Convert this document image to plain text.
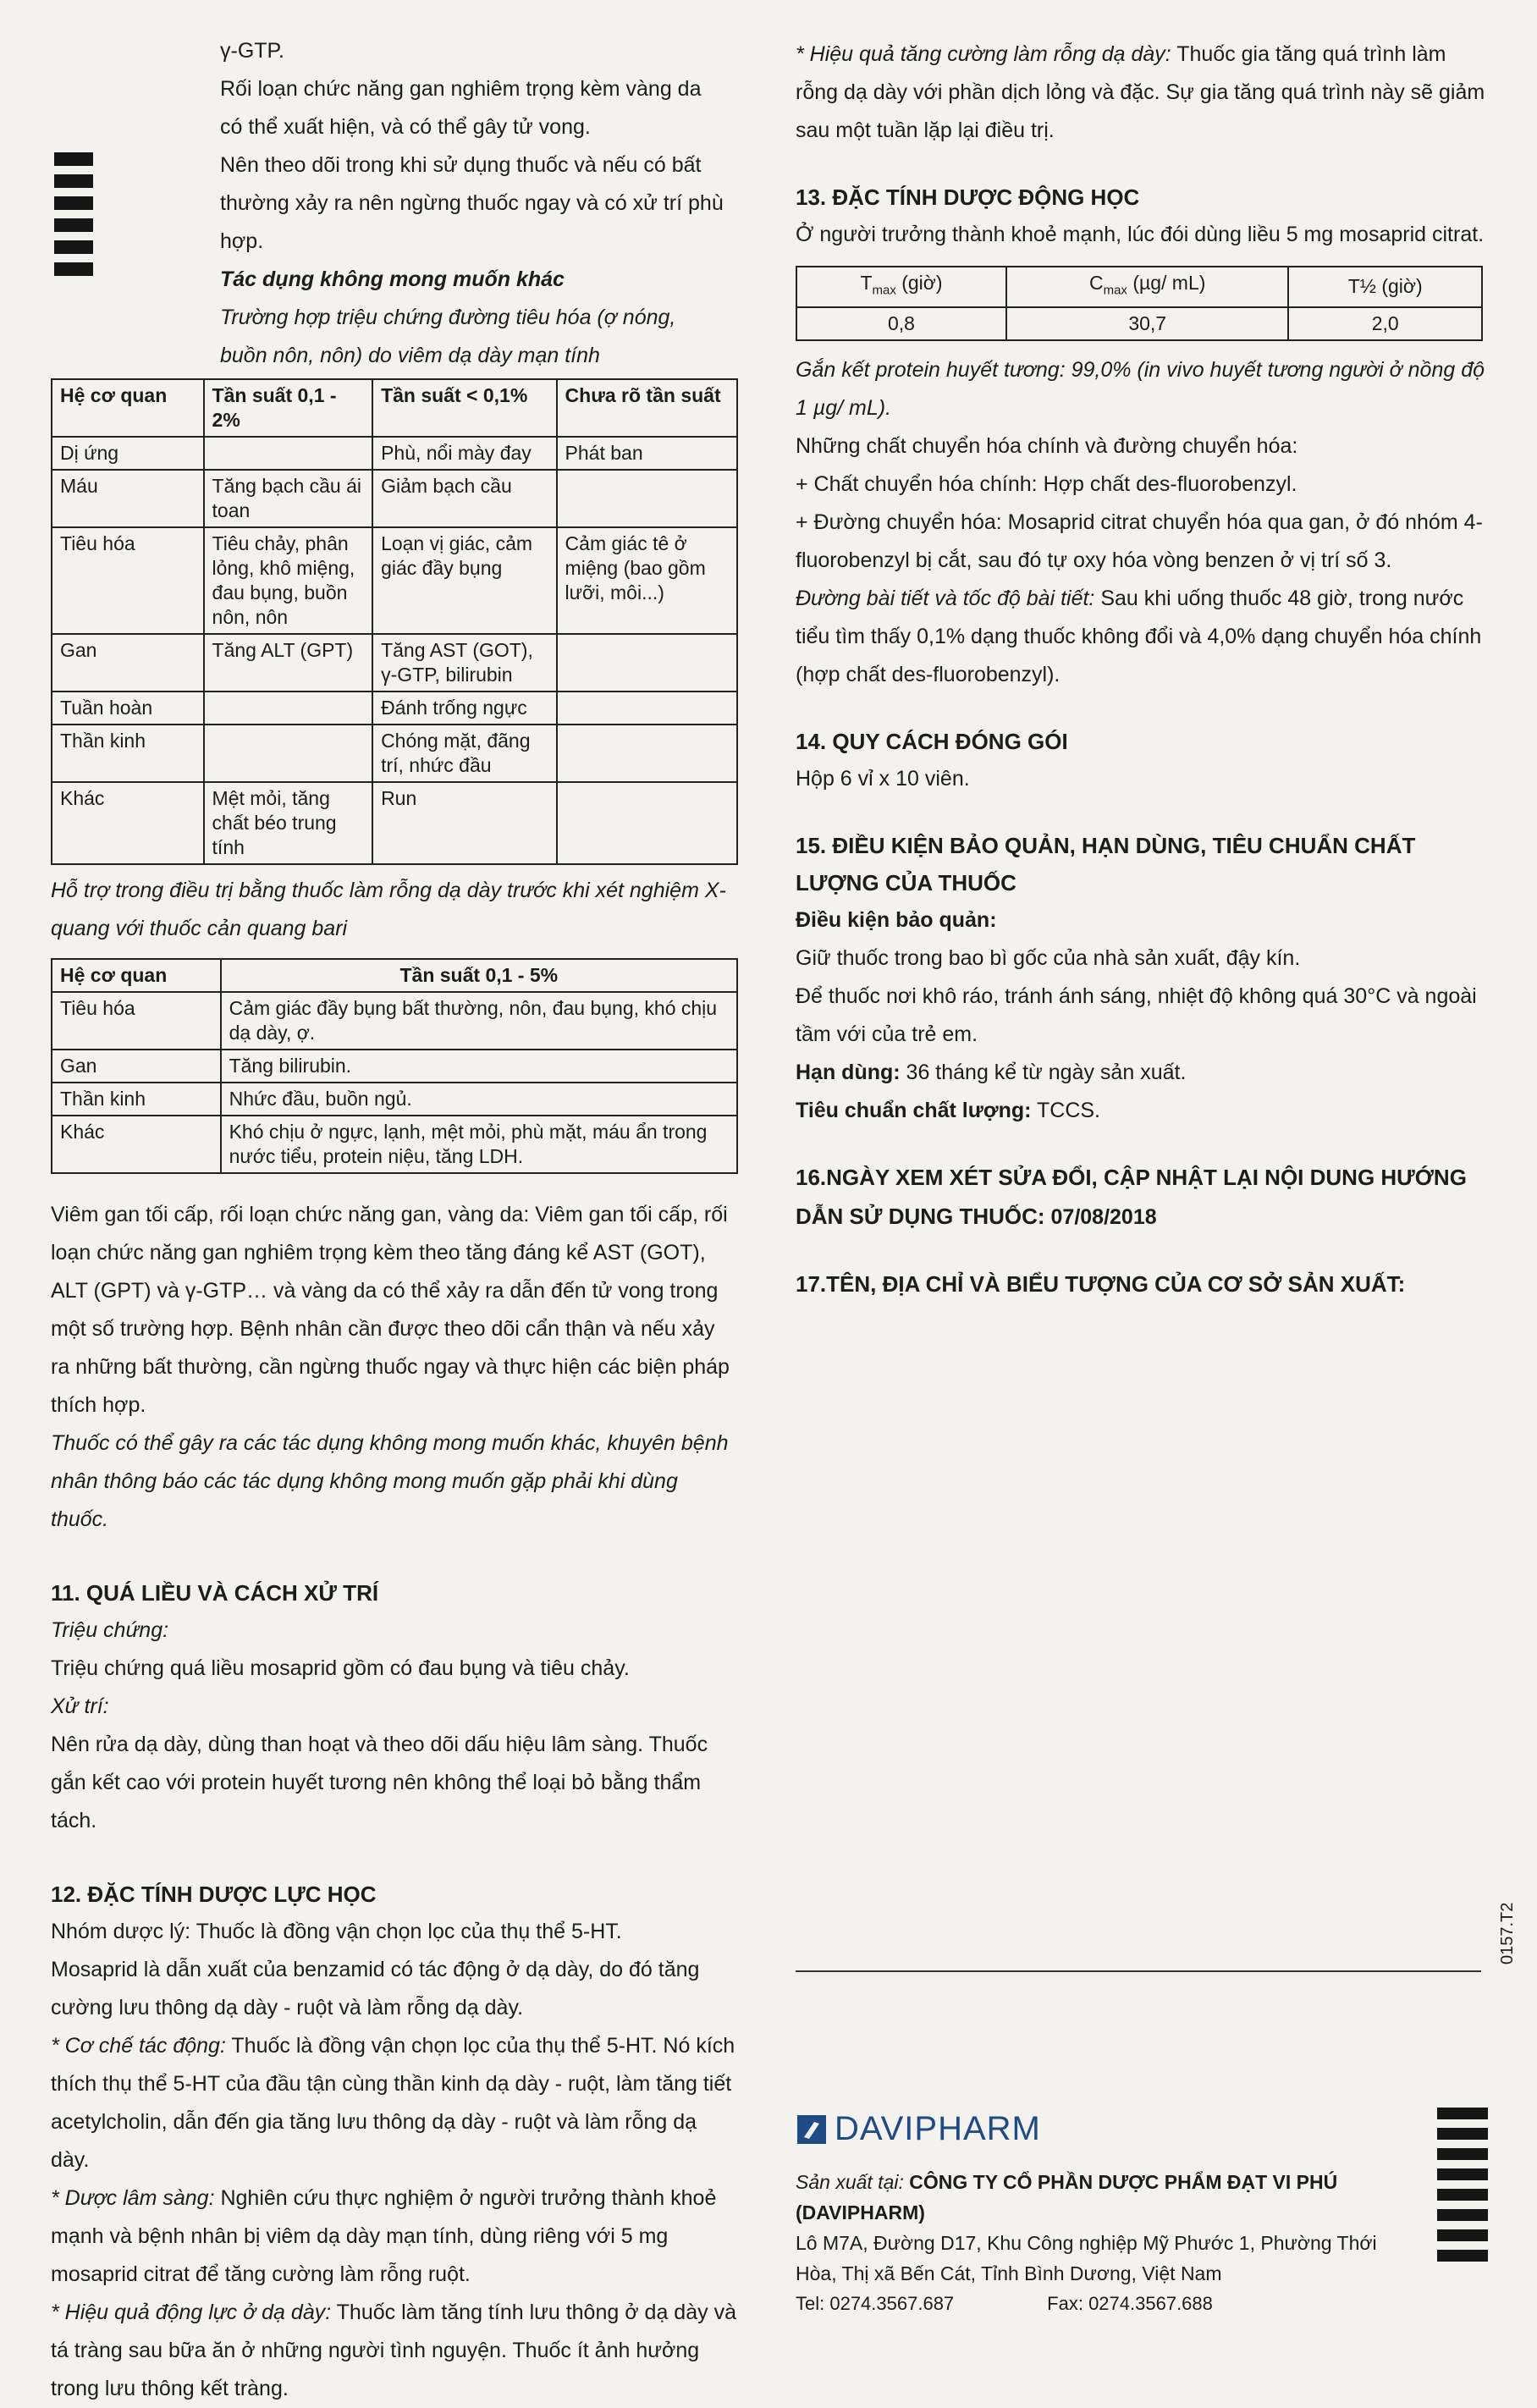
γ-GTP.

Rối loạn chức năng gan nghiêm trọng kèm vàng da có thể xuất hiện, và có thể gây tử vong.

Nên theo dõi trong khi sử dụng thuốc và nếu có bất thường xảy ra nên ngừng thuốc ngay và có xử trí phù hợp.

Tác dụng không mong muốn khác

Trường hợp triệu chứng đường tiêu hóa (ợ nóng, buồn nôn, nôn) do viêm dạ dày mạn tính

Hệ cơ quan	Tần suất 0,1 - 2%	Tần suất < 0,1%	Chưa rõ tần suất
Dị ứng		Phù, nổi mày đay	Phát ban
Máu	Tăng bạch cầu ái toan	Giảm bạch cầu	
Tiêu hóa	Tiêu chảy, phân lỏng, khô miệng, đau bụng, buồn nôn, nôn	Loạn vị giác, cảm giác đầy bụng	Cảm giác tê ở miệng (bao gồm lưỡi, môi...)
Gan	Tăng ALT (GPT)	Tăng AST (GOT), γ-GTP, bilirubin	
Tuần hoàn		Đánh trống ngực	
Thần kinh		Chóng mặt, đãng trí, nhức đầu	
Khác	Mệt mỏi, tăng chất béo trung tính	Run	

Hỗ trợ trong điều trị bằng thuốc làm rỗng dạ dày trước khi xét nghiệm X-quang với thuốc cản quang bari

Hệ cơ quan	Tần suất 0,1 - 5%
Tiêu hóa	Cảm giác đầy bụng bất thường, nôn, đau bụng, khó chịu dạ dày, ợ.
Gan	Tăng bilirubin.
Thần kinh	Nhức đầu, buồn ngủ.
Khác	Khó chịu ở ngực, lạnh, mệt mỏi, phù mặt, máu ẩn trong nước tiểu, protein niệu, tăng LDH.

Viêm gan tối cấp, rối loạn chức năng gan, vàng da: Viêm gan tối cấp, rối loạn chức năng gan nghiêm trọng kèm theo tăng đáng kể AST (GOT), ALT (GPT) và γ-GTP… và vàng da có thể xảy ra dẫn đến tử vong trong một số trường hợp. Bệnh nhân cần được theo dõi cẩn thận và nếu xảy ra những bất thường, cần ngừng thuốc ngay và thực hiện các biện pháp thích hợp.

Thuốc có thể gây ra các tác dụng không mong muốn khác, khuyên bệnh nhân thông báo các tác dụng không mong muốn gặp phải khi dùng thuốc.

11. QUÁ LIỀU VÀ CÁCH XỬ TRÍ

Triệu chứng:

Triệu chứng quá liều mosaprid gồm có đau bụng và tiêu chảy.

Xử trí:

Nên rửa dạ dày, dùng than hoạt và theo dõi dấu hiệu lâm sàng. Thuốc gắn kết cao với protein huyết tương nên không thể loại bỏ bằng thẩm tách.

12. ĐẶC TÍNH DƯỢC LỰC HỌC

Nhóm dược lý: Thuốc là đồng vận chọn lọc của thụ thể 5-HT.

Mosaprid là dẫn xuất của benzamid có tác động ở dạ dày, do đó tăng cường lưu thông dạ dày - ruột và làm rỗng dạ dày.

* Cơ chế tác động: Thuốc là đồng vận chọn lọc của thụ thể 5-HT. Nó kích thích thụ thể 5-HT của đầu tận cùng thần kinh dạ dày - ruột, làm tăng tiết acetylcholin, dẫn đến gia tăng lưu thông dạ dày - ruột và làm rỗng dạ dày.

* Dược lâm sàng: Nghiên cứu thực nghiệm ở người trưởng thành khoẻ mạnh và bệnh nhân bị viêm dạ dày mạn tính, dùng riêng với 5 mg mosaprid citrat để tăng cường làm rỗng ruột.

* Hiệu quả động lực ở dạ dày: Thuốc làm tăng tính lưu thông ở dạ dày và tá tràng sau bữa ăn ở những người tình nguyện. Thuốc ít ảnh hưởng trong lưu thông kết tràng.

* Hiệu quả tăng cường làm rỗng dạ dày: Thuốc gia tăng quá trình làm rỗng dạ dày với phần dịch lỏng và đặc. Sự gia tăng quá trình này sẽ giảm sau một tuần lặp lại điều trị.

13. ĐẶC TÍNH DƯỢC ĐỘNG HỌC

Ở người trưởng thành khoẻ mạnh, lúc đói dùng liều 5 mg mosaprid citrat.

$T_{max}$ (giờ)	$C_{max}$ (µg/ mL)	T½ (giờ)
0,8	30,7	2,0

Gắn kết protein huyết tương: 99,0% (in vivo huyết tương người ở nồng độ 1 µg/ mL).

Những chất chuyển hóa chính và đường chuyển hóa:

+ Chất chuyển hóa chính: Hợp chất des-fluorobenzyl.

+ Đường chuyển hóa: Mosaprid citrat chuyển hóa qua gan, ở đó nhóm 4-fluorobenzyl bị cắt, sau đó tự oxy hóa vòng benzen ở vị trí số 3.

Đường bài tiết và tốc độ bài tiết: Sau khi uống thuốc 48 giờ, trong nước tiểu tìm thấy 0,1% dạng thuốc không đổi và 4,0% dạng chuyển hóa chính (hợp chất des-fluorobenzyl).

14. QUY CÁCH ĐÓNG GÓI

Hộp 6 vỉ x 10 viên.

15. ĐIỀU KIỆN BẢO QUẢN, HẠN DÙNG, TIÊU CHUẨN CHẤT LƯỢNG CỦA THUỐC

Điều kiện bảo quản:

Giữ thuốc trong bao bì gốc của nhà sản xuất, đậy kín.

Để thuốc nơi khô ráo, tránh ánh sáng, nhiệt độ không quá 30°C và ngoài tầm với của trẻ em.

Hạn dùng: 36 tháng kể từ ngày sản xuất.

Tiêu chuẩn chất lượng: TCCS.

16.NGÀY XEM XÉT SỬA ĐỔI, CẬP NHẬT LẠI NỘI DUNG HƯỚNG DẪN SỬ DỤNG THUỐC: 07/08/2018

17.TÊN, ĐỊA CHỈ VÀ BIỂU TƯỢNG CỦA CƠ SỞ SẢN XUẤT:

0157.T2
DAVIPHARM

Sản xuất tại: CÔNG TY CỔ PHẦN DƯỢC PHẨM ĐẠT VI PHÚ (DAVIPHARM)

Lô M7A, Đường D17, Khu Công nghiệp Mỹ Phước 1, Phường Thới Hòa, Thị xã Bến Cát, Tỉnh Bình Dương, Việt Nam

Tel: 0274.3567.687	Fax: 0274.3567.688
